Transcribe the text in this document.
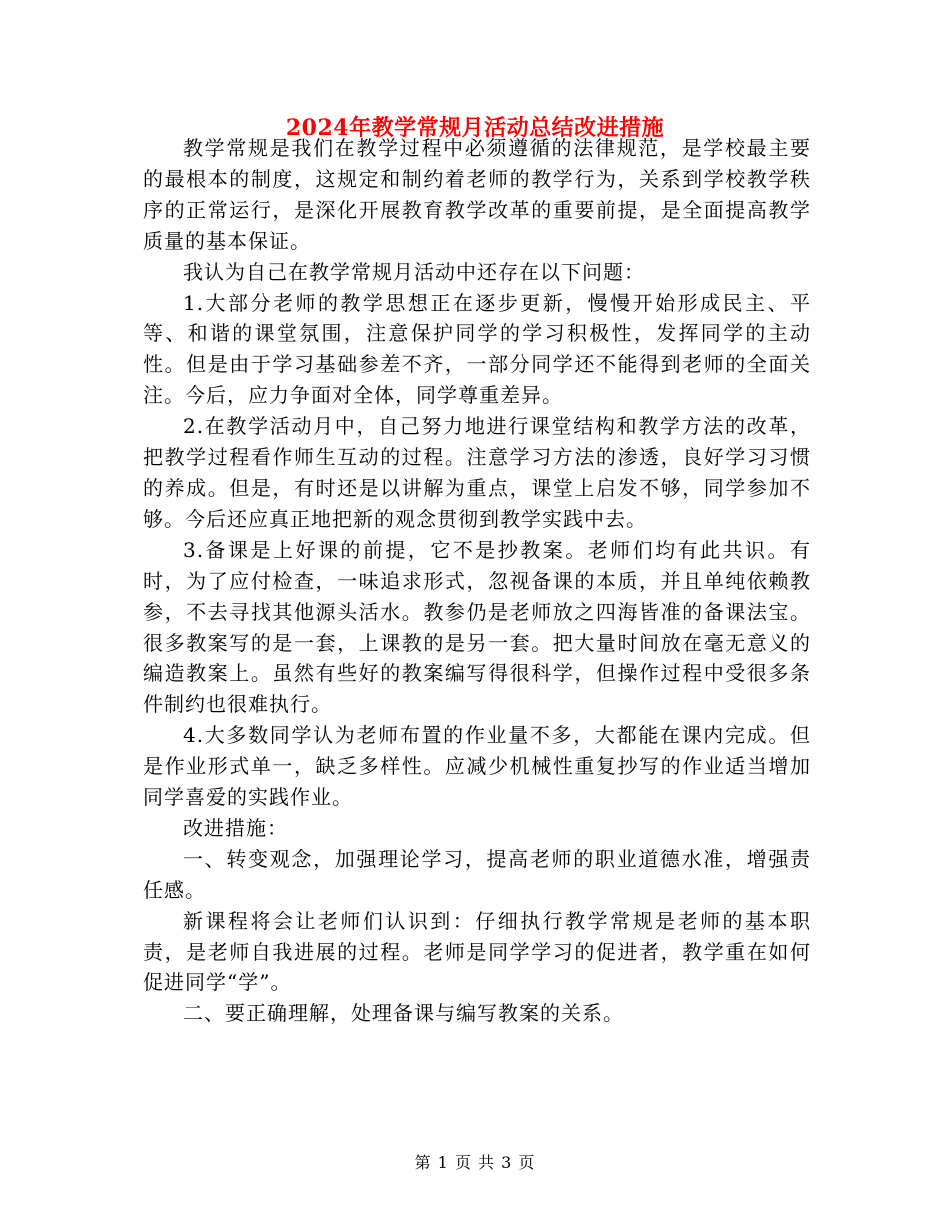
2024年教学常规月活动总结改进措施

教学常规是我们在教学过程中必须遵循的法律规范，是学校最主要的最根本的制度，这规定和制约着老师的教学行为，关系到学校教学秩序的正常运行，是深化开展教育教学改革的重要前提，是全面提高教学质量的基本保证。

我认为自己在教学常规月活动中还存在以下问题：

1.大部分老师的教学思想正在逐步更新，慢慢开始形成民主、平等、和谐的课堂氛围，注意保护同学的学习积极性，发挥同学的主动性。但是由于学习基础参差不齐，一部分同学还不能得到老师的全面关注。今后，应力争面对全体，同学尊重差异。

2.在教学活动月中，自己努力地进行课堂结构和教学方法的改革，把教学过程看作师生互动的过程。注意学习方法的渗透，良好学习习惯的养成。但是，有时还是以讲解为重点，课堂上启发不够，同学参加不够。今后还应真正地把新的观念贯彻到教学实践中去。

3.备课是上好课的前提，它不是抄教案。老师们均有此共识。有时，为了应付检查，一味追求形式，忽视备课的本质，并且单纯依赖教参，不去寻找其他源头活水。教参仍是老师放之四海皆准的备课法宝。很多教案写的是一套，上课教的是另一套。把大量时间放在毫无意义的编造教案上。虽然有些好的教案编写得很科学，但操作过程中受很多条件制约也很难执行。

4.大多数同学认为老师布置的作业量不多，大都能在课内完成。但是作业形式单一，缺乏多样性。应减少机械性重复抄写的作业适当增加同学喜爱的实践作业。

改进措施：

一、转变观念，加强理论学习，提高老师的职业道德水准，增强责任感。

新课程将会让老师们认识到：仔细执行教学常规是老师的基本职责，是老师自我进展的过程。老师是同学学习的促进者，教学重在如何促进同学“学”。

二、要正确理解，处理备课与编写教案的关系。

第 1 页 共 3 页
